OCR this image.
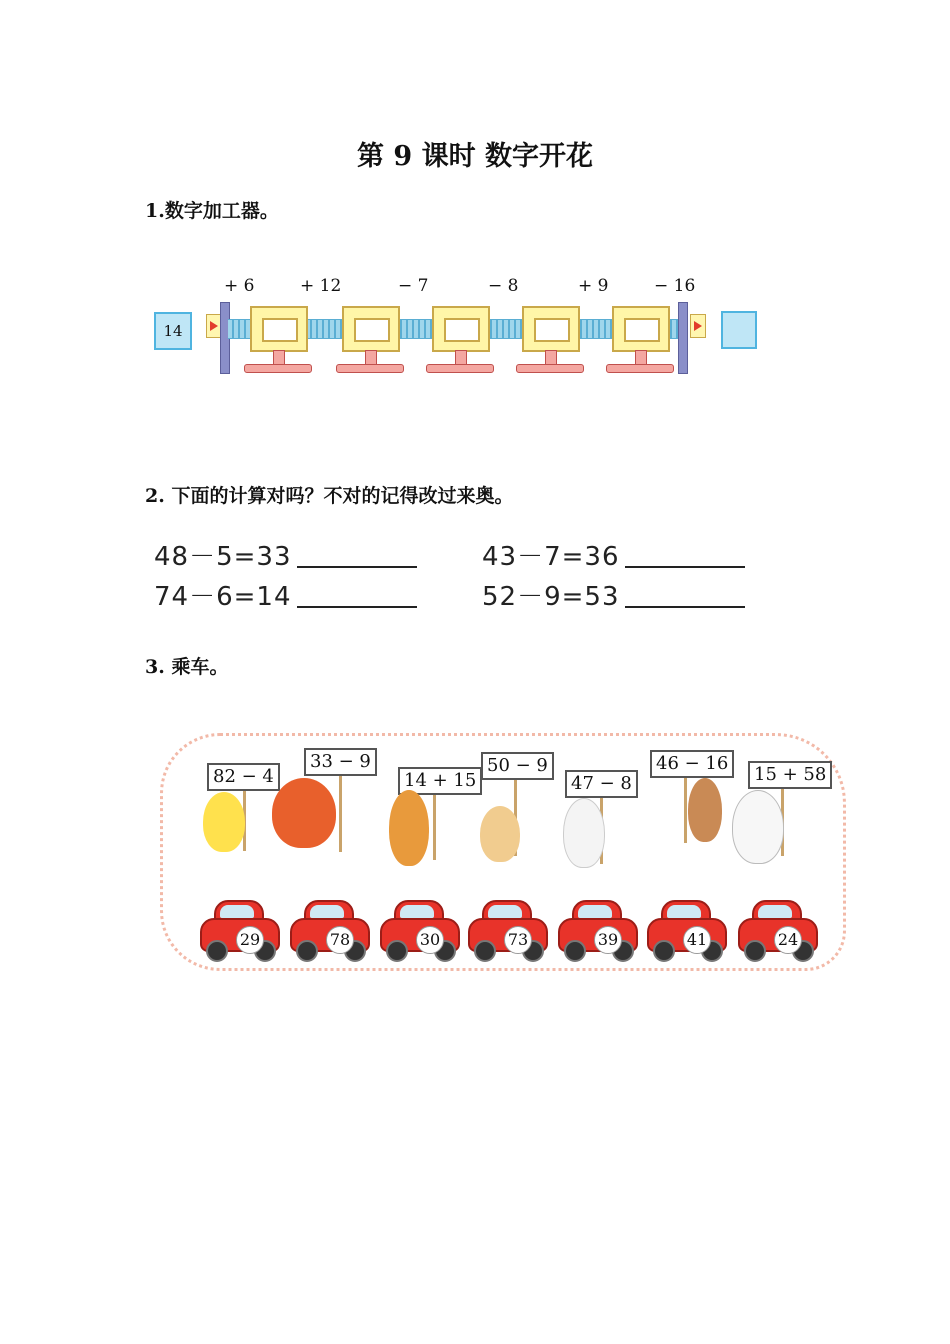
第 9 课时 数字开花
1.数字加工器。
+ 6	+ 12	− 7	− 8	+ 9	− 16
14
2. 下面的计算对吗？不对的记得改过来奥。
48－5=33	43－7=36
74－6=14	52－9=53
3. 乘车。
82 − 4
33 − 9
14 + 15
50 − 9
47 − 8
46 − 16
15 + 58
29	78	30	73	39	41	24
